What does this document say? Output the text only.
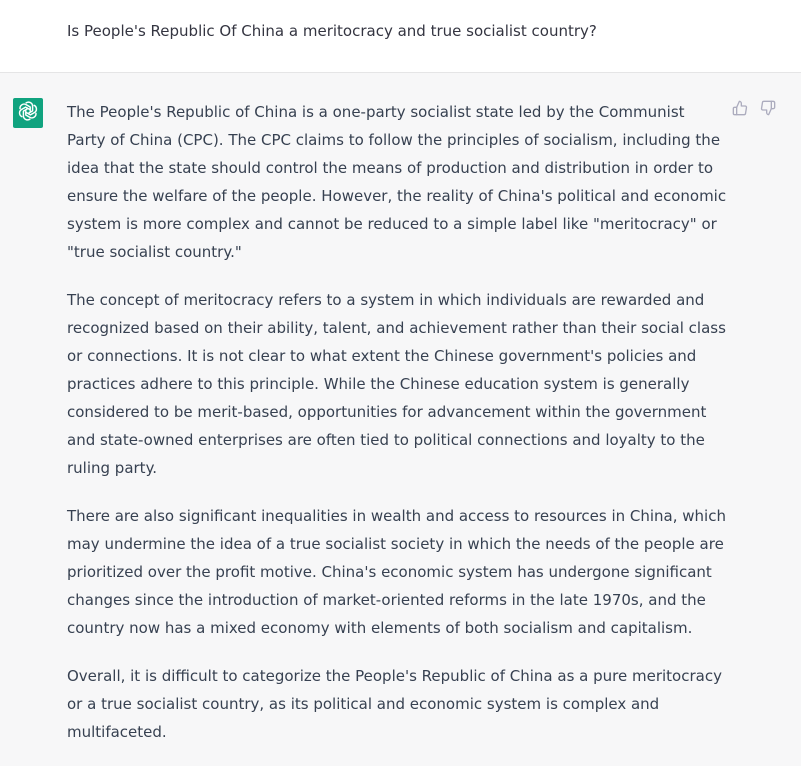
Is People's Republic Of China a meritocracy and true socialist country?

The People's Republic of China is a one-party socialist state led by the Communist Party of China (CPC). The CPC claims to follow the principles of socialism, including the idea that the state should control the means of production and distribution in order to ensure the welfare of the people. However, the reality of China's political and economic system is more complex and cannot be reduced to a simple label like "meritocracy" or "true socialist country."

The concept of meritocracy refers to a system in which individuals are rewarded and recognized based on their ability, talent, and achievement rather than their social class or connections. It is not clear to what extent the Chinese government's policies and practices adhere to this principle. While the Chinese education system is generally considered to be merit-based, opportunities for advancement within the government and state-owned enterprises are often tied to political connections and loyalty to the ruling party.

There are also significant inequalities in wealth and access to resources in China, which may undermine the idea of a true socialist society in which the needs of the people are prioritized over the profit motive. China's economic system has undergone significant changes since the introduction of market-oriented reforms in the late 1970s, and the country now has a mixed economy with elements of both socialism and capitalism.

Overall, it is difficult to categorize the People's Republic of China as a pure meritocracy or a true socialist country, as its political and economic system is complex and multifaceted.
